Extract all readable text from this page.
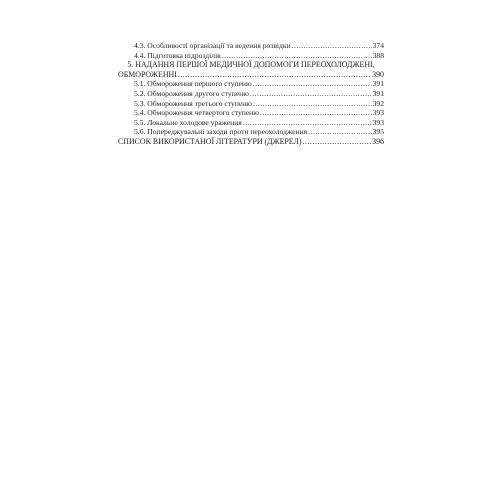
4.3. Особливості організації та ведення розвідки .....	374
4.4. Підготовка підрозділів .....	388
5. НАДАННЯ ПЕРШОЇ МЕДИЧНОЇ ДОПОМОГИ ПЕРЕОХОЛОДЖЕНІ,
ОБМОРОЖЕННІ .....	390
5.1. Обмороження першого ступеню .....	391
5.2. Обмороження другого ступеню .....	391
5.3. Обмороження третього ступеню .....	392
5.4. Обмороження четвертого ступеню .....	393
5.5. Локальне холодове ураження .....	393
5.6. Попереджувальні заходи проти переохолодження .....	395
СПИСОК ВИКОРИСТАНОЇ ЛІТЕРАТУРИ (ДЖЕРЕЛ) .....	396
